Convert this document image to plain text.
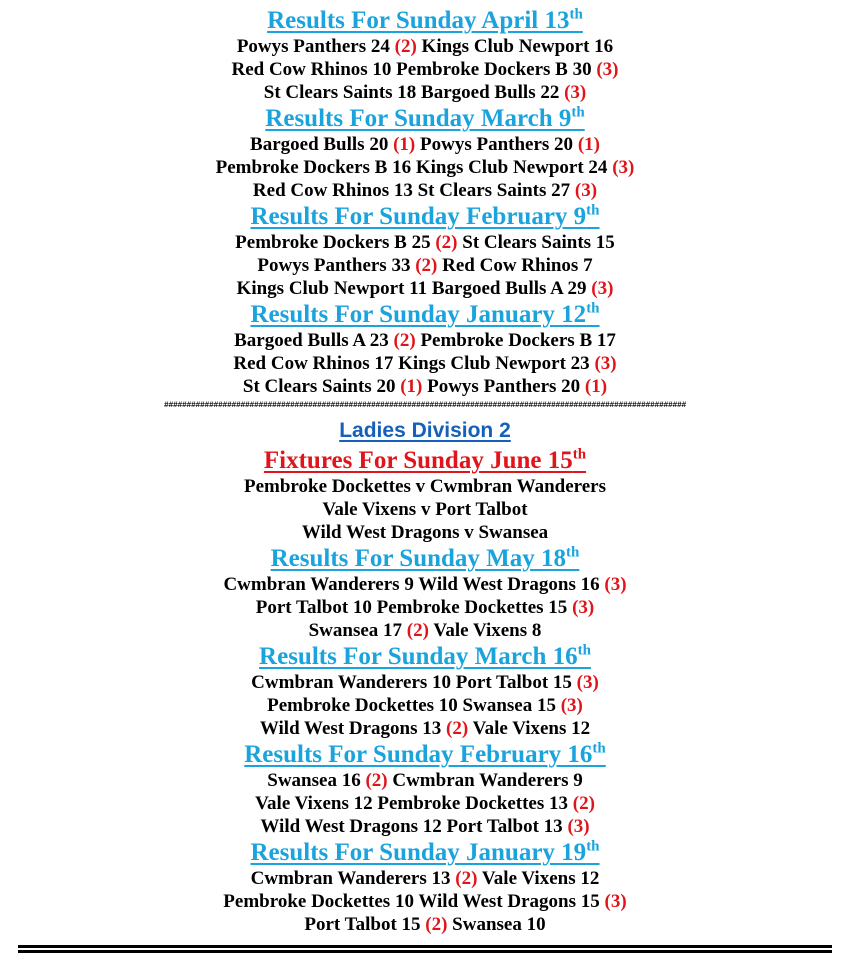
Results For Sunday April 13th
Powys Panthers 24 (2) Kings Club Newport 16
Red Cow Rhinos 10 Pembroke Dockers B 30 (3)
St Clears Saints 18 Bargoed Bulls 22 (3)
Results For Sunday March 9th
Bargoed Bulls 20 (1) Powys Panthers 20 (1)
Pembroke Dockers B 16 Kings Club Newport 24 (3)
Red Cow Rhinos 13 St Clears Saints 27 (3)
Results For Sunday February 9th
Pembroke Dockers B 25 (2) St Clears Saints 15
Powys Panthers 33 (2) Red Cow Rhinos 7
Kings Club Newport 11 Bargoed Bulls A 29 (3)
Results For Sunday January 12th
Bargoed Bulls A 23 (2) Pembroke Dockers B 17
Red Cow Rhinos 17 Kings Club Newport 23 (3)
St Clears Saints 20 (1) Powys Panthers 20 (1)
####################################################################################################################
Ladies Division 2
Fixtures For Sunday June 15th
Pembroke Dockettes v Cwmbran Wanderers
Vale Vixens v Port Talbot
Wild West Dragons v Swansea
Results For Sunday May 18th
Cwmbran Wanderers 9 Wild West Dragons 16 (3)
Port Talbot 10 Pembroke Dockettes 15 (3)
Swansea 17 (2) Vale Vixens 8
Results For Sunday March 16th
Cwmbran Wanderers 10 Port Talbot 15 (3)
Pembroke Dockettes 10 Swansea 15 (3)
Wild West Dragons 13 (2) Vale Vixens 12
Results For Sunday February 16th
Swansea 16 (2) Cwmbran Wanderers 9
Vale Vixens 12 Pembroke Dockettes 13 (2)
Wild West Dragons 12 Port Talbot 13 (3)
Results For Sunday January 19th
Cwmbran Wanderers 13 (2) Vale Vixens 12
Pembroke Dockettes 10 Wild West Dragons 15 (3)
Port Talbot 15 (2) Swansea 10
